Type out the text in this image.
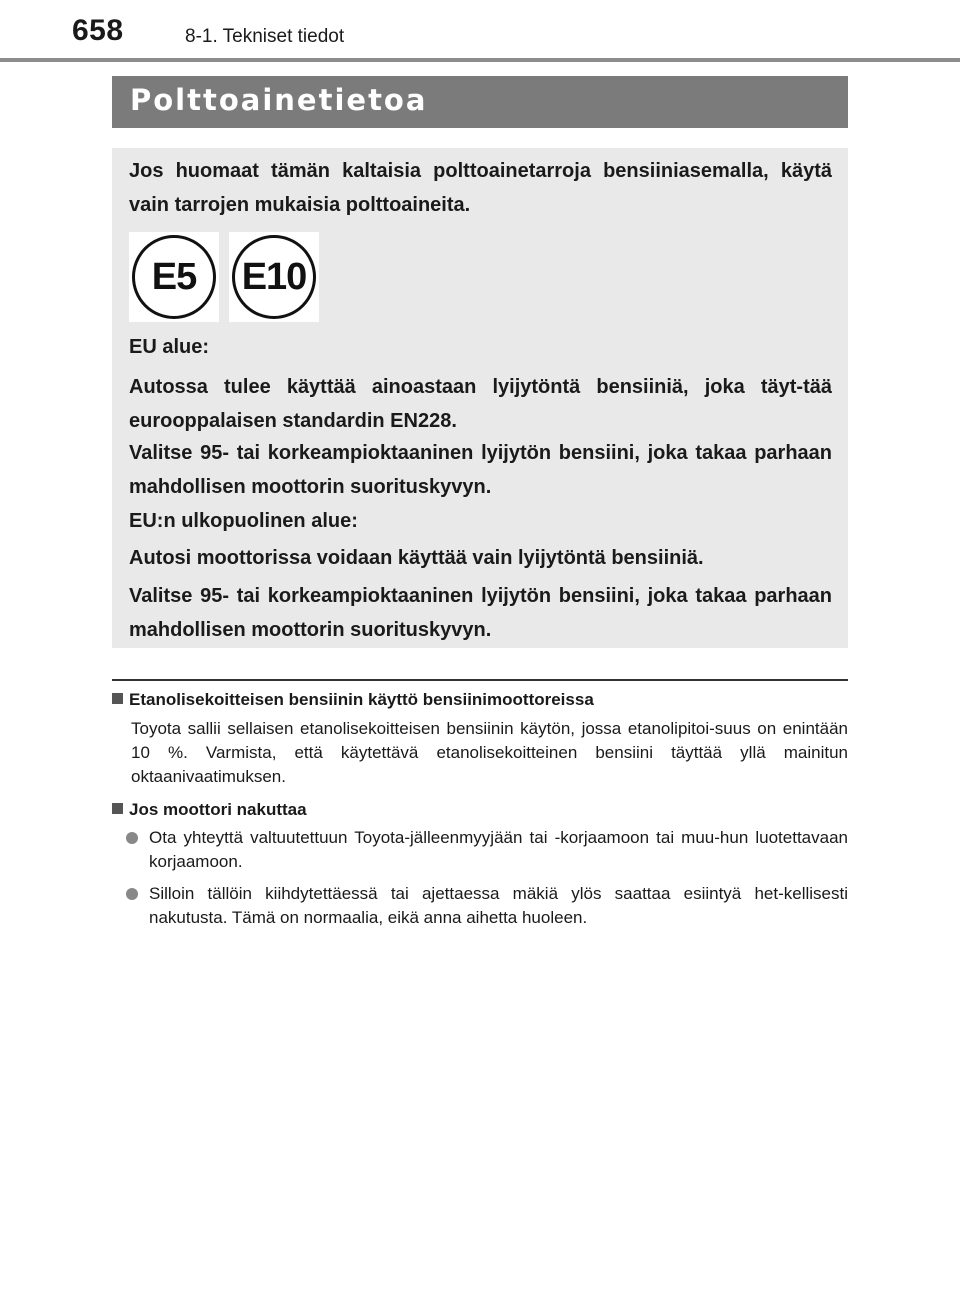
658	8-1. Tekniset tiedot
Polttoainetietoa

Jos huomaat tämän kaltaisia polttoainetarroja bensiiniasemalla, käytä vain tarrojen mukaisia polttoaineita.

E5	E10

EU alue:

Autossa tulee käyttää ainoastaan lyijytöntä bensiiniä, joka täyt-tää eurooppalaisen standardin EN228.

Valitse 95- tai korkeampioktaaninen lyijytön bensiini, joka takaa parhaan mahdollisen moottorin suorituskyvyn.

EU:n ulkopuolinen alue:

Autosi moottorissa voidaan käyttää vain lyijytöntä bensiiniä.

Valitse 95- tai korkeampioktaaninen lyijytön bensiini, joka takaa parhaan mahdollisen moottorin suorituskyvyn.

Etanolisekoitteisen bensiinin käyttö bensiinimoottoreissa

Toyota sallii sellaisen etanolisekoitteisen bensiinin käytön, jossa etanolipitoi-suus on enintään 10 %. Varmista, että käytettävä etanolisekoitteinen bensiini täyttää yllä mainitun oktaanivaatimuksen.

Jos moottori nakuttaa
Ota yhteyttä valtuutettuun Toyota-jälleenmyyjään tai -korjaamoon tai muu-hun luotettavaan korjaamoon.
Silloin tällöin kiihdytettäessä tai ajettaessa mäkiä ylös saattaa esiintyä het-kellisesti nakutusta. Tämä on normaalia, eikä anna aihetta huoleen.
